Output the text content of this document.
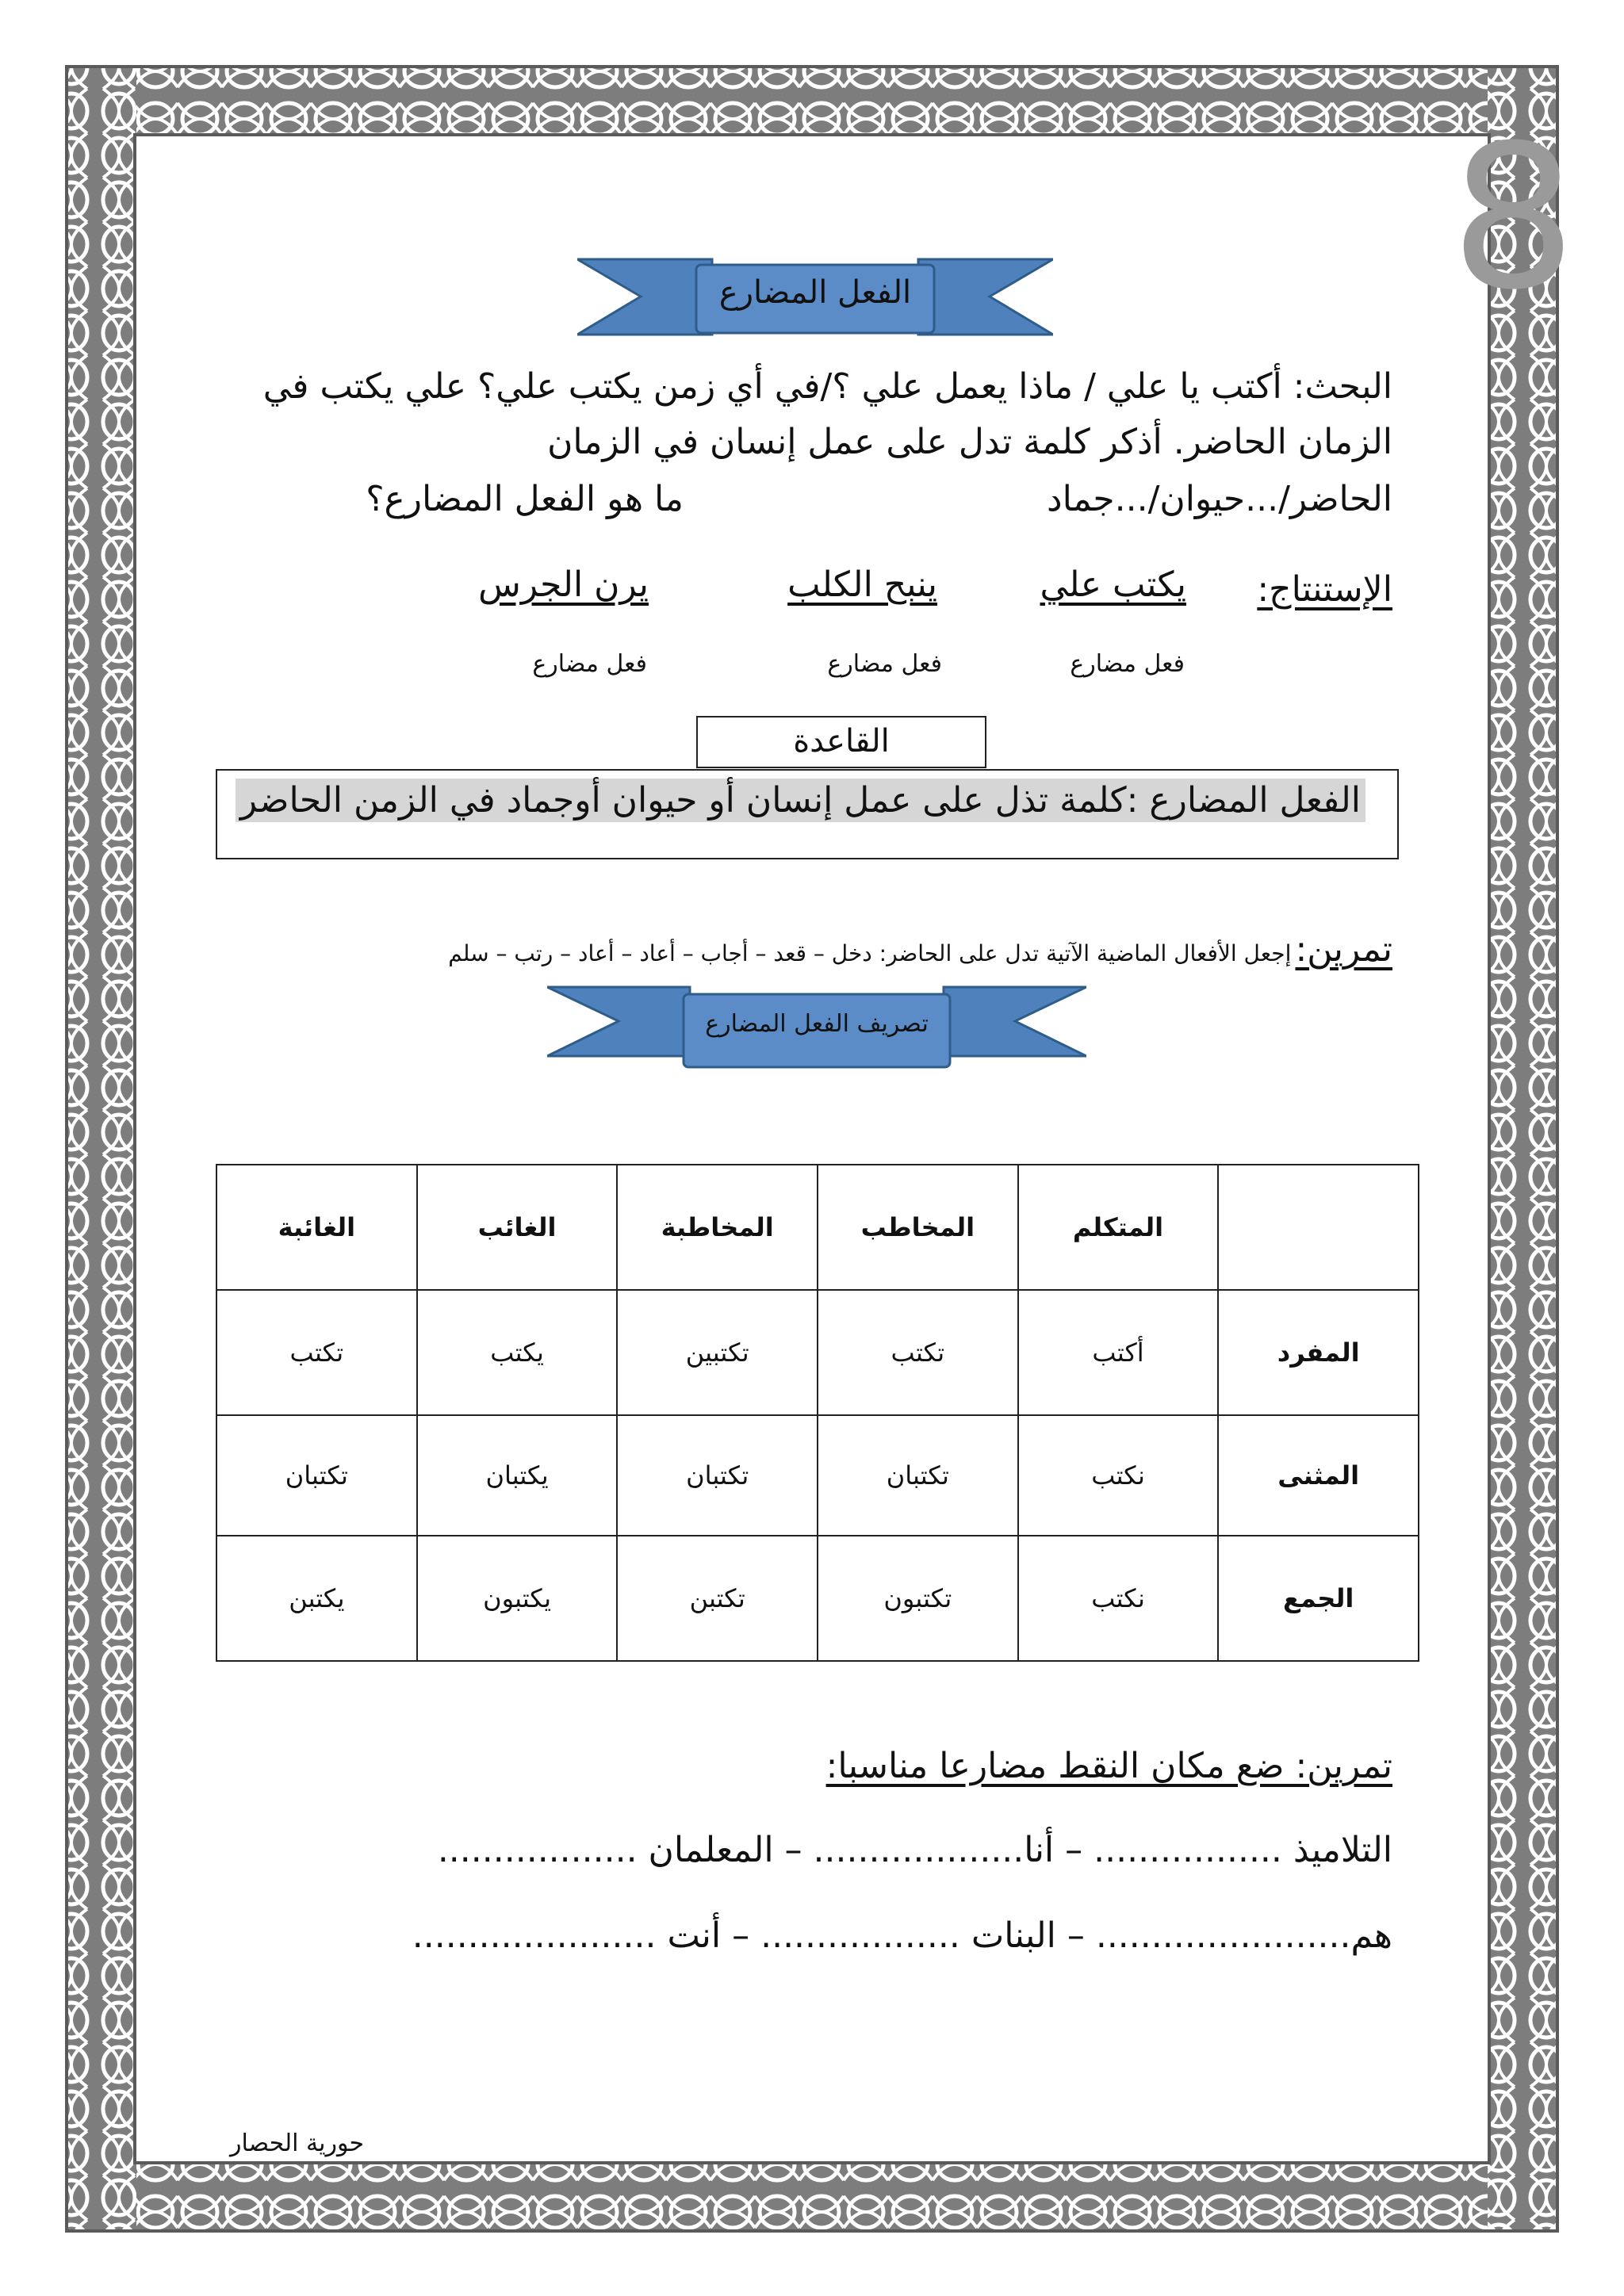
8
الفعل المضارع
البحث: أكتب يا علي / ماذا يعمل علي ؟/في أي زمن يكتب علي؟ علي يكتب في
الزمان الحاضر. أذكر كلمة تدل على عمل إنسان في الزمان
الحاضر/...حيوان/...جماد
ما هو الفعل المضارع؟
الإستنتاج:
يكتب علي
ينبح الكلب
يرن الجرس
فعل مضارع
فعل مضارع
فعل مضارع
القاعدة
الفعل المضارع :كلمة تذل على عمل إنسان أو حيوان أوجماد في الزمن الحاضر
تمرين: إجعل الأفعال الماضية الآتية تدل على الحاضر: دخل – قعد – أجاب – أعاد – أعاد – رتب – سلم
تصريف الفعل المضارع
	المتكلم	المخاطب	المخاطبة	الغائب	الغائبة
المفرد	أكتب	تكتب	تكتبين	يكتب	تكتب
المثنى	نكتب	تكتبان	تكتبان	يكتبان	تكتبان
الجمع	نكتب	تكتبون	تكتبن	يكتبون	يكتبن
تمرين: ضع مكان النقط مضارعا مناسبا:
التلاميذ ................. – أنا................... – المعلمان ..................
هم....................... – البنات .................. – أنت ......................
حورية الحصار
